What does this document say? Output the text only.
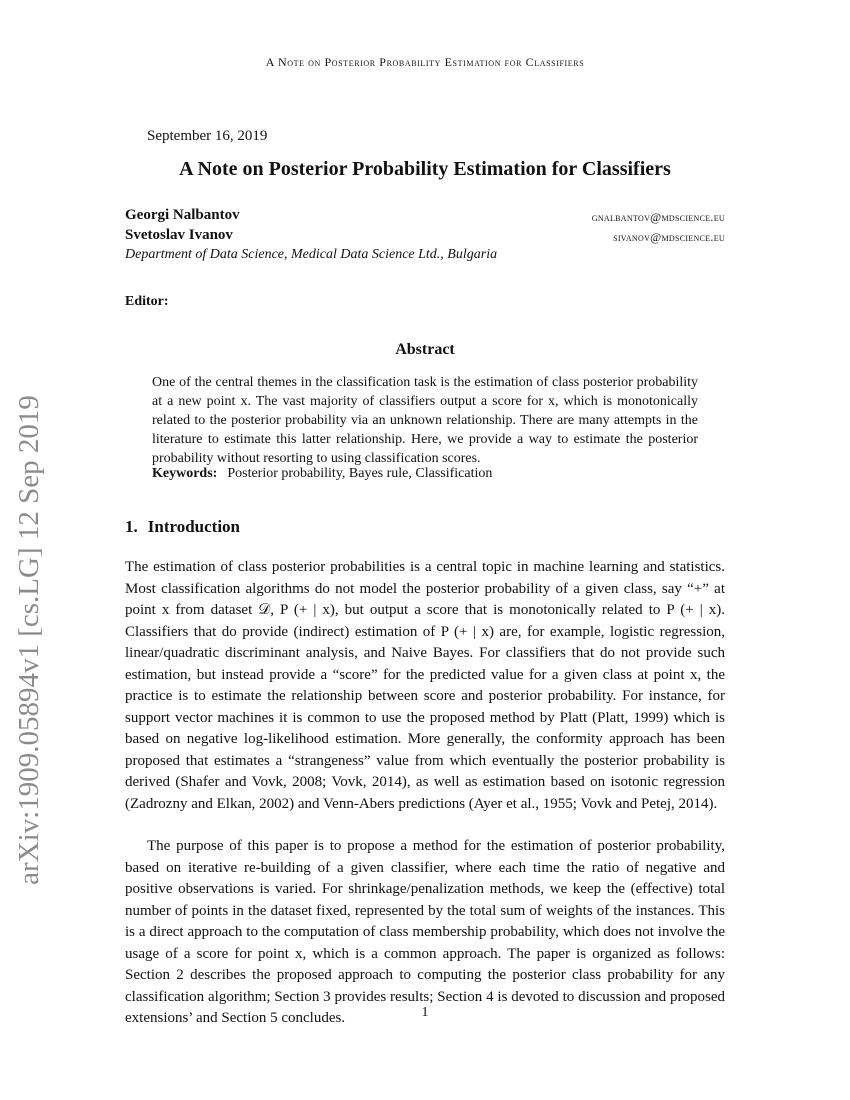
A Note on Posterior Probability Estimation for Classifiers
arXiv:1909.05894v1 [cs.LG] 12 Sep 2019
September 16, 2019
A Note on Posterior Probability Estimation for Classifiers
Georgi Nalbantov	gnalbantov@mdscience.eu
Svetoslav Ivanov	sivanov@mdscience.eu
Department of Data Science, Medical Data Science Ltd., Bulgaria
Editor:
Abstract
One of the central themes in the classification task is the estimation of class posterior probability at a new point x. The vast majority of classifiers output a score for x, which is monotonically related to the posterior probability via an unknown relationship. There are many attempts in the literature to estimate this latter relationship. Here, we provide a way to estimate the posterior probability without resorting to using classification scores.
Keywords: Posterior probability, Bayes rule, Classification
1. Introduction

The estimation of class posterior probabilities is a central topic in machine learning and statistics. Most classification algorithms do not model the posterior probability of a given class, say “+” at point x from dataset 𝒟, P (+ | x), but output a score that is monotonically related to P (+ | x). Classifiers that do provide (indirect) estimation of P (+ | x) are, for example, logistic regression, linear/quadratic discriminant analysis, and Naive Bayes. For classifiers that do not provide such estimation, but instead provide a “score” for the predicted value for a given class at point x, the practice is to estimate the relationship between score and posterior probability. For instance, for support vector machines it is common to use the proposed method by Platt (Platt, 1999) which is based on negative log-likelihood estimation. More generally, the conformity approach has been proposed that estimates a “strangeness” value from which eventually the posterior probability is derived (Shafer and Vovk, 2008; Vovk, 2014), as well as estimation based on isotonic regression (Zadrozny and Elkan, 2002) and Venn-Abers predictions (Ayer et al., 1955; Vovk and Petej, 2014).

The purpose of this paper is to propose a method for the estimation of posterior probability, based on iterative re-building of a given classifier, where each time the ratio of negative and positive observations is varied. For shrinkage/penalization methods, we keep the (effective) total number of points in the dataset fixed, represented by the total sum of weights of the instances. This is a direct approach to the computation of class membership probability, which does not involve the usage of a score for point x, which is a common approach. The paper is organized as follows: Section 2 describes the proposed approach to computing the posterior class probability for any classification algorithm; Section 3 provides results; Section 4 is devoted to discussion and proposed extensions’ and Section 5 concludes.	1
